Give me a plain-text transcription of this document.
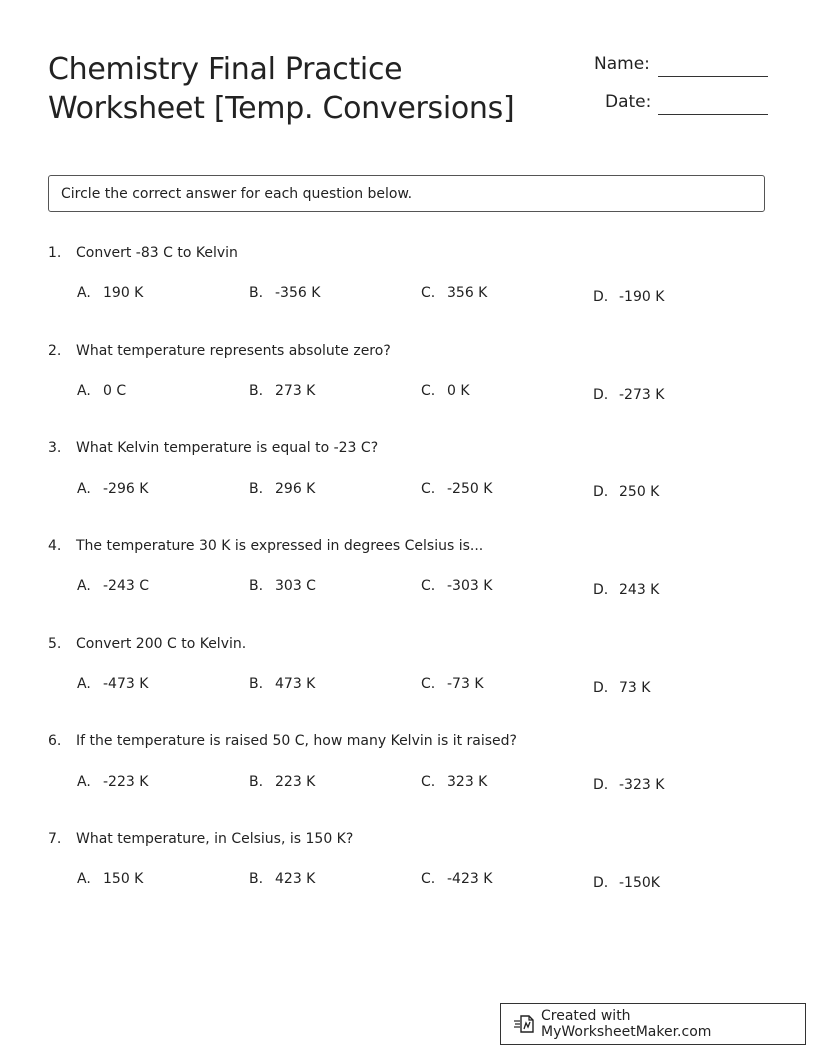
Chemistry Final Practice
Worksheet [Temp. Conversions]
Name:
Date:
Circle the correct answer for each question below.
1. Convert -83 C to Kelvin
A. 190 K	B. -356 K	C. 356 K	D. -190 K
2. What temperature represents absolute zero?
A. 0 C	B. 273 K	C. 0 K	D. -273 K
3. What Kelvin temperature is equal to -23 C?
A. -296 K	B. 296 K	C. -250 K	D. 250 K
4. The temperature 30 K is expressed in degrees Celsius is...
A. -243 C	B. 303 C	C. -303 K	D. 243 K
5. Convert 200 C to Kelvin.
A. -473 K	B. 473 K	C. -73 K	D. 73 K
6. If the temperature is raised 50 C, how many Kelvin is it raised?
A. -223 K	B. 223 K	C. 323 K	D. -323 K
7. What temperature, in Celsius, is 150 K?
A. 150 K	B. 423 K	C. -423 K	D. -150K
Created with MyWorksheetMaker.com
